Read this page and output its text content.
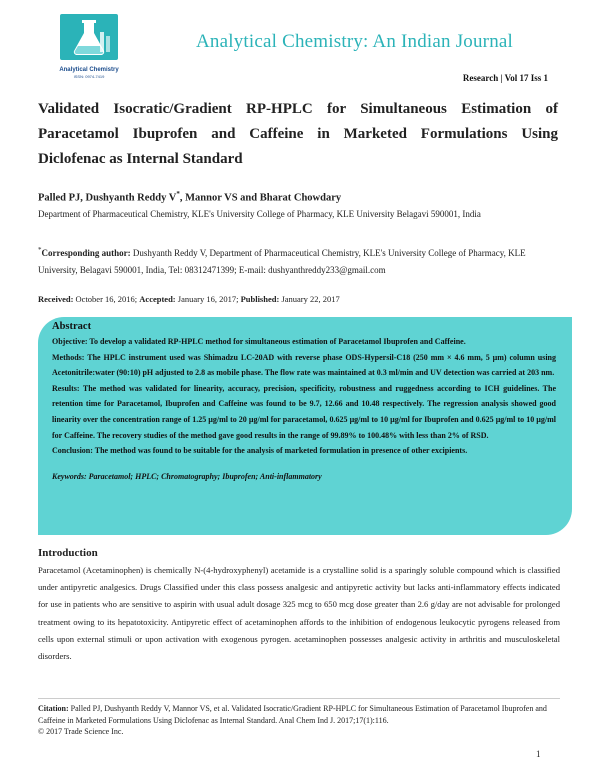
Analytical Chemistry
ISSN: 0974-7419
Analytical Chemistry: An Indian Journal
Research | Vol 17 Iss 1
Validated Isocratic/Gradient RP-HPLC for Simultaneous Estimation of Paracetamol Ibuprofen and Caffeine in Marketed Formulations Using Diclofenac as Internal Standard
Palled PJ, Dushyanth Reddy V*, Mannor VS and Bharat Chowdary
Department of Pharmaceutical Chemistry, KLE's University College of Pharmacy, KLE University Belagavi 590001, India
*Corresponding author: Dushyanth Reddy V, Department of Pharmaceutical Chemistry, KLE's University College of Pharmacy, KLE University, Belagavi 590001, India, Tel: 08312471399; E-mail: dushyanthreddy233@gmail.com
Received: October 16, 2016; Accepted: January 16, 2017; Published: January 22, 2017
Abstract

Objective: To develop a validated RP-HPLC method for simultaneous estimation of Paracetamol Ibuprofen and Caffeine.

Methods: The HPLC instrument used was Shimadzu LC-20AD with reverse phase ODS-Hypersil-C18 (250 mm × 4.6 mm, 5 µm) column using Acetonitrile:water (90:10) pH adjusted to 2.8 as mobile phase. The flow rate was maintained at 0.3 ml/min and UV detection was carried at 203 nm.

Results: The method was validated for linearity, accuracy, precision, specificity, robustness and ruggedness according to ICH guidelines. The retention time for Paracetamol, Ibuprofen and Caffeine was found to be 9.7, 12.66 and 10.48 respectively. The regression analysis showed good linearity over the concentration range of 1.25 µg/ml to 20 µg/ml for paracetamol, 0.625 µg/ml to 10 µg/ml for Ibuprofen and 0.625 µg/ml to 10 µg/ml for Caffeine. The recovery studies of the method gave good results in the range of 99.89% to 100.48% with less than 2% of RSD.

Conclusion: The method was found to be suitable for the analysis of marketed formulation in presence of other excipients.

Keywords: Paracetamol; HPLC; Chromatography; Ibuprofen; Anti-inflammatory

Introduction
Paracetamol (Acetaminophen) is chemically N-(4-hydroxyphenyl) acetamide is a crystalline solid is a sparingly soluble compound which is classified under antipyretic analgesics. Drugs Classified under this class possess analgesic and antipyretic activity but lacks anti-inflammatory effects indicated for use in patients who are sensitive to aspirin with usual adult dosage 325 mcg to 650 mcg dose greater than 2.6 g/day are not advisable for prolonged treatment owing to its hepatotoxicity. Antipyretic effect of acetaminophen affords to the inhibition of endogenous leukocytic pyrogens released from cells upon external stimuli or upon activation with exogenous pyrogen. acetaminophen possesses analgesic activity in arthritis and musculoskeletal disorders.
Citation: Palled PJ, Dushyanth Reddy V, Mannor VS, et al. Validated Isocratic/Gradient RP-HPLC for Simultaneous Estimation of Paracetamol Ibuprofen and Caffeine in Marketed Formulations Using Diclofenac as Internal Standard. Anal Chem Ind J. 2017;17(1):116.
© 2017 Trade Science Inc.
1
